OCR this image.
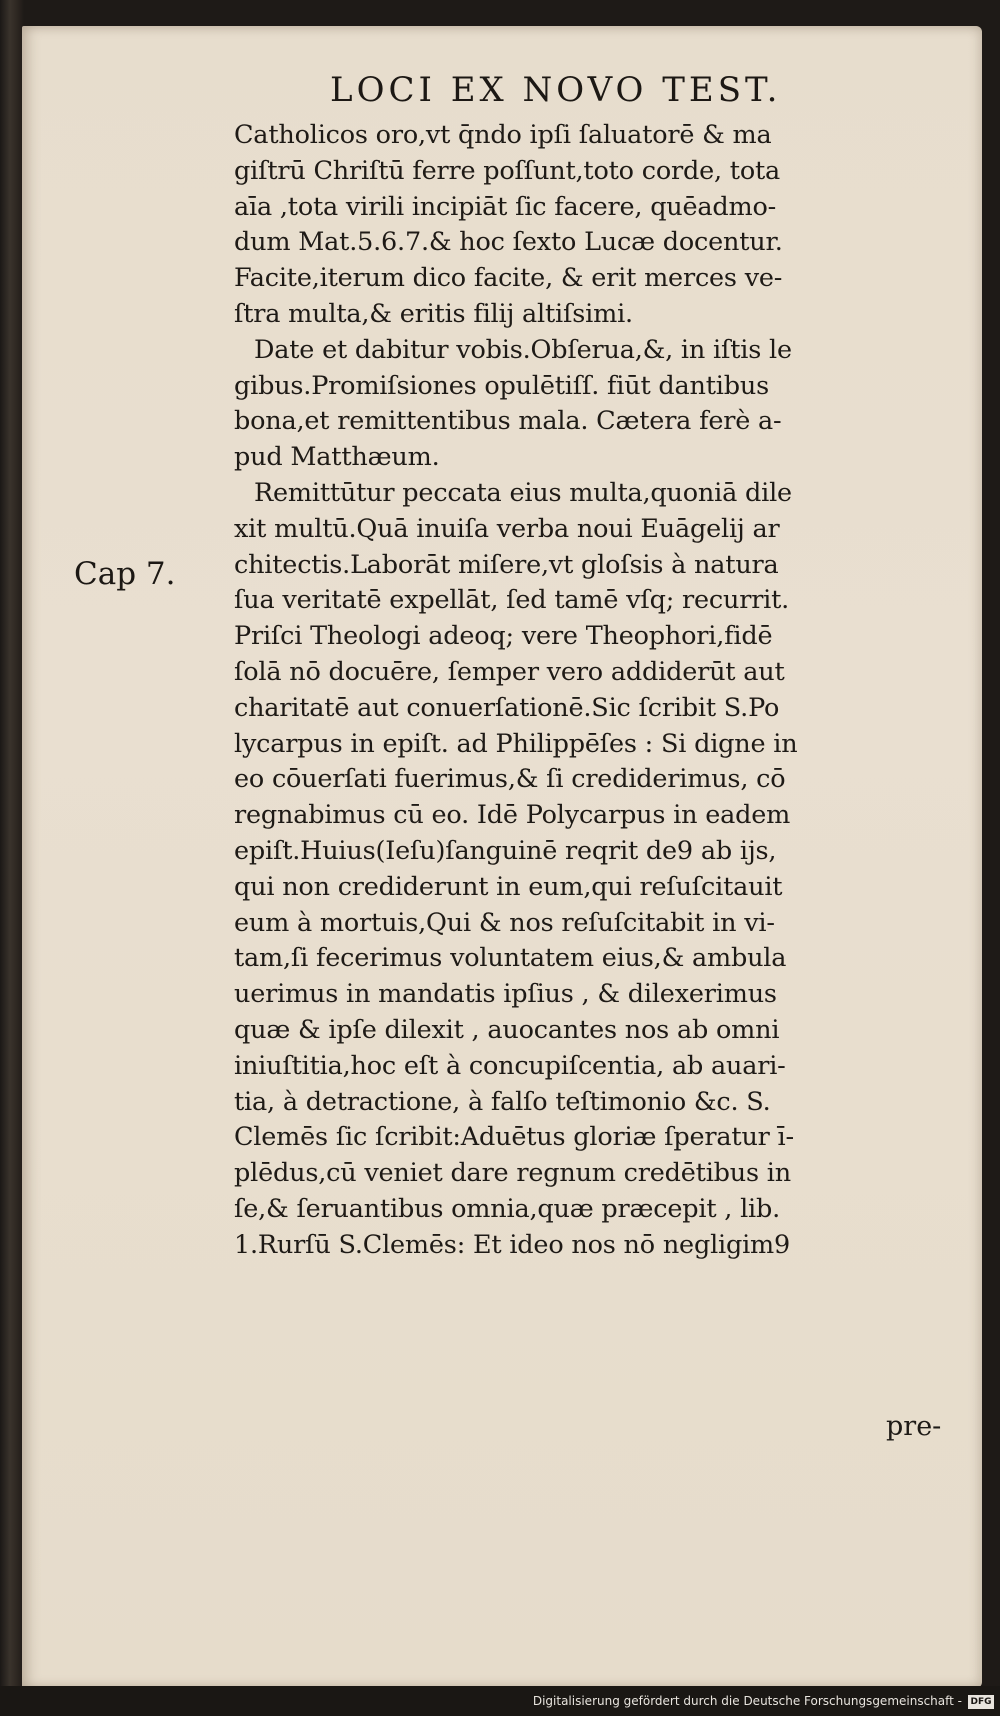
LOCI EX NOVO TEST.
Cap 7.
Catholicos oro,vt q̄ndo ipſi ſaluatorē & ma
giſtrū Chriſtū ferre poſſunt,toto corde, tota
aīa ,tota virili incipiāt ſic facere, quēadmo-
dum Mat.5.6.7.& hoc ſexto Lucæ docentur.
Facite,iterum dico facite, & erit merces ve-
ſtra multa,& eritis filij altiſsimi.
Date et dabitur vobis.Obſerua,&, in iſtis le
gibus.Promiſsiones opulētiſſ. fiūt dantibus
bona,et remittentibus mala. Cætera ferè a-
pud Matthæum.
Remittūtur peccata eius multa,quoniā dile
xit multū.Quā inuiſa verba noui Euāgelij ar
chitectis.Laborāt miſere,vt gloſsis à natura
ſua veritatē expellāt, ſed tamē vſq; recurrit.
Priſci Theologi adeoq; vere Theophori,fidē
ſolā nō docuēre, ſemper vero addiderūt aut
charitatē aut conuerſationē.Sic ſcribit S.Po
lycarpus in epiſt. ad Philippēſes : Si digne in
eo cōuerſati fuerimus,& ſi crediderimus, cō
regnabimus cū eo. Idē Polycarpus in eadem
epiſt.Huius(Ieſu)ſanguinē reqrit de9 ab ijs,
qui non crediderunt in eum,qui reſuſcitauit
eum à mortuis,Qui & nos reſuſcitabit in vi-
tam,ſi fecerimus voluntatem eius,& ambula
uerimus in mandatis ipſius , & dilexerimus
quæ & ipſe dilexit , auocantes nos ab omni
iniuſtitia,hoc eſt à concupiſcentia, ab auari-
tia, à detractione, à falſo teſtimonio &c. S.
Clemēs ſic ſcribit:Aduētus gloriæ ſperatur ī-
plēdus,cū veniet dare regnum credētibus in
ſe,& ſeruantibus omnia,quæ præcepit , lib.
1.Rurſū S.Clemēs: Et ideo nos nō negligim9
pre-
Digitalisierung gefördert durch die Deutsche Forschungsgemeinschaft - DFG
